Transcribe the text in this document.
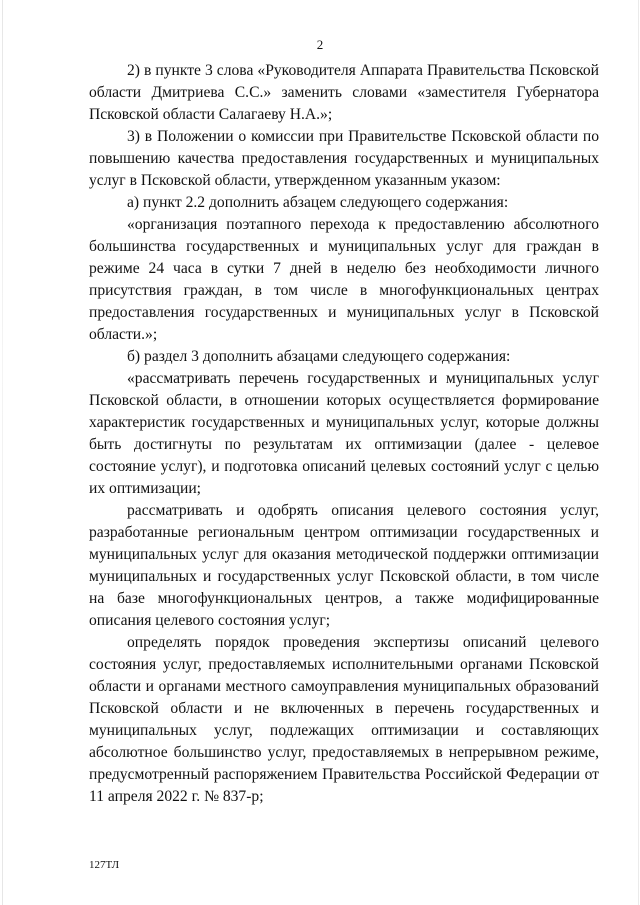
2

2) в пункте 3 слова «Руководителя Аппарата Правительства Псковской области Дмитриева С.С.» заменить словами «заместителя Губернатора Псковской области Салагаеву Н.А.»;

3) в Положении о комиссии при Правительстве Псковской области по повышению качества предоставления государственных и муниципальных услуг в Псковской области, утвержденном указанным указом:

а) пункт 2.2 дополнить абзацем следующего содержания:

«организация поэтапного перехода к предоставлению абсолютного большинства государственных и муниципальных услуг для граждан в режиме 24 часа в сутки 7 дней в неделю без необходимости личного присутствия граждан, в том числе в многофункциональных центрах предоставления государственных и муниципальных услуг в Псковской области.»;

б) раздел 3 дополнить абзацами следующего содержания:

«рассматривать перечень государственных и муниципальных услуг Псковской области, в отношении которых осуществляется формирование характеристик государственных и муниципальных услуг, которые должны быть достигнуты по результатам их оптимизации (далее - целевое состояние услуг), и подготовка описаний целевых состояний услуг с целью их оптимизации;

рассматривать и одобрять описания целевого состояния услуг, разработанные региональным центром оптимизации государственных и муниципальных услуг для оказания методической поддержки оптимизации муниципальных и государственных услуг Псковской области, в том числе на базе многофункциональных центров, а также модифицированные описания целевого состояния услуг;

определять порядок проведения экспертизы описаний целевого состояния услуг, предоставляемых исполнительными органами Псковской области и органами местного самоуправления муниципальных образований Псковской области и не включенных в перечень государственных и муниципальных услуг, подлежащих оптимизации и составляющих абсолютное большинство услуг, предоставляемых в непрерывном режиме, предусмотренный распоряжением Правительства Российской Федерации от 11 апреля 2022 г. № 837-р;

127ТЛ
